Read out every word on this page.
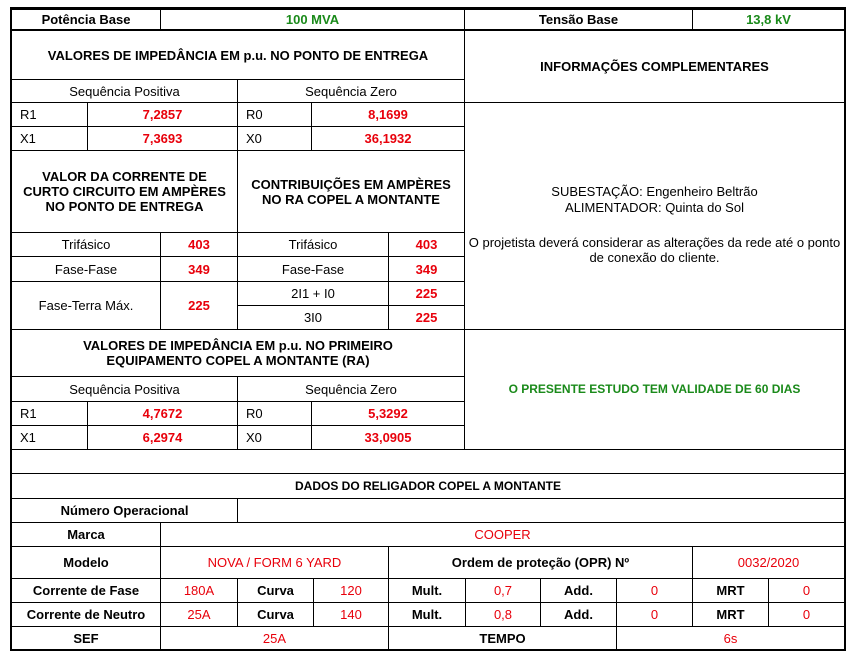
Potência Base	100 MVA	Tensão Base	13,8 kV
VALORES DE IMPEDÂNCIA EM p.u. NO PONTO DE ENTREGA
Sequência Positiva	Sequência Zero
R1	7,2857	R0	8,1699
X1	7,3693	X0	36,1932
VALOR DA CORRENTE DE CURTO CIRCUITO EM AMPÈRES NO PONTO DE ENTREGA
CONTRIBUIÇÕES EM AMPÈRES NO RA COPEL A MONTANTE
Trifásico	403	Trifásico	403
Fase-Fase	349	Fase-Fase	349
Fase-Terra Máx.	225
2I1 + I0	225
3I0	225
VALORES DE IMPEDÂNCIA EM p.u. NO PRIMEIRO EQUIPAMENTO COPEL A MONTANTE (RA)
Sequência Positiva	Sequência Zero
R1	4,7672	R0	5,3292
X1	6,2974	X0	33,0905
INFORMAÇÕES COMPLEMENTARES
SUBESTAÇÃO: Engenheiro Beltrão
ALIMENTADOR: Quinta do Sol
O projetista deverá considerar as alterações da rede até o ponto de conexão do cliente.
O PRESENTE ESTUDO TEM VALIDADE DE 60 DIAS
DADOS DO RELIGADOR COPEL A MONTANTE
Número Operacional
Marca	COOPER
Modelo	NOVA / FORM 6 YARD	Ordem de proteção (OPR) Nº	0032/2020
Corrente de Fase	180A	Curva	120	Mult.	0,7	Add.	0	MRT	0
Corrente de Neutro	25A	Curva	140	Mult.	0,8	Add.	0	MRT	0
SEF	25A	TEMPO	6s
